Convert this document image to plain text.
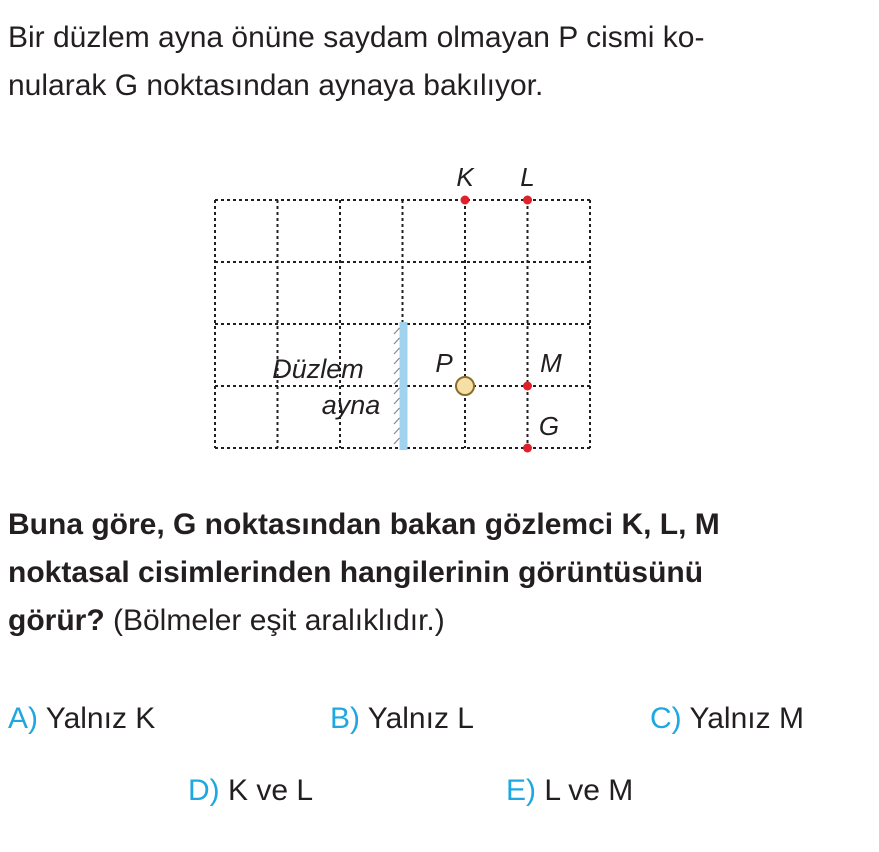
Bir düzlem ayna önüne saydam olmayan P cismi ko-
nularak G noktasından aynaya bakılıyor.
Düzlem
ayna
K L
P	M
G
Buna göre, G noktasından bakan gözlemci K, L, M
noktasal cisimlerinden hangilerinin görüntüsünü
görür? (Bölmeler eşit aralıklıdır.)
A) Yalnız K	B) Yalnız L	C) Yalnız M
D) K ve L	E) L ve M
